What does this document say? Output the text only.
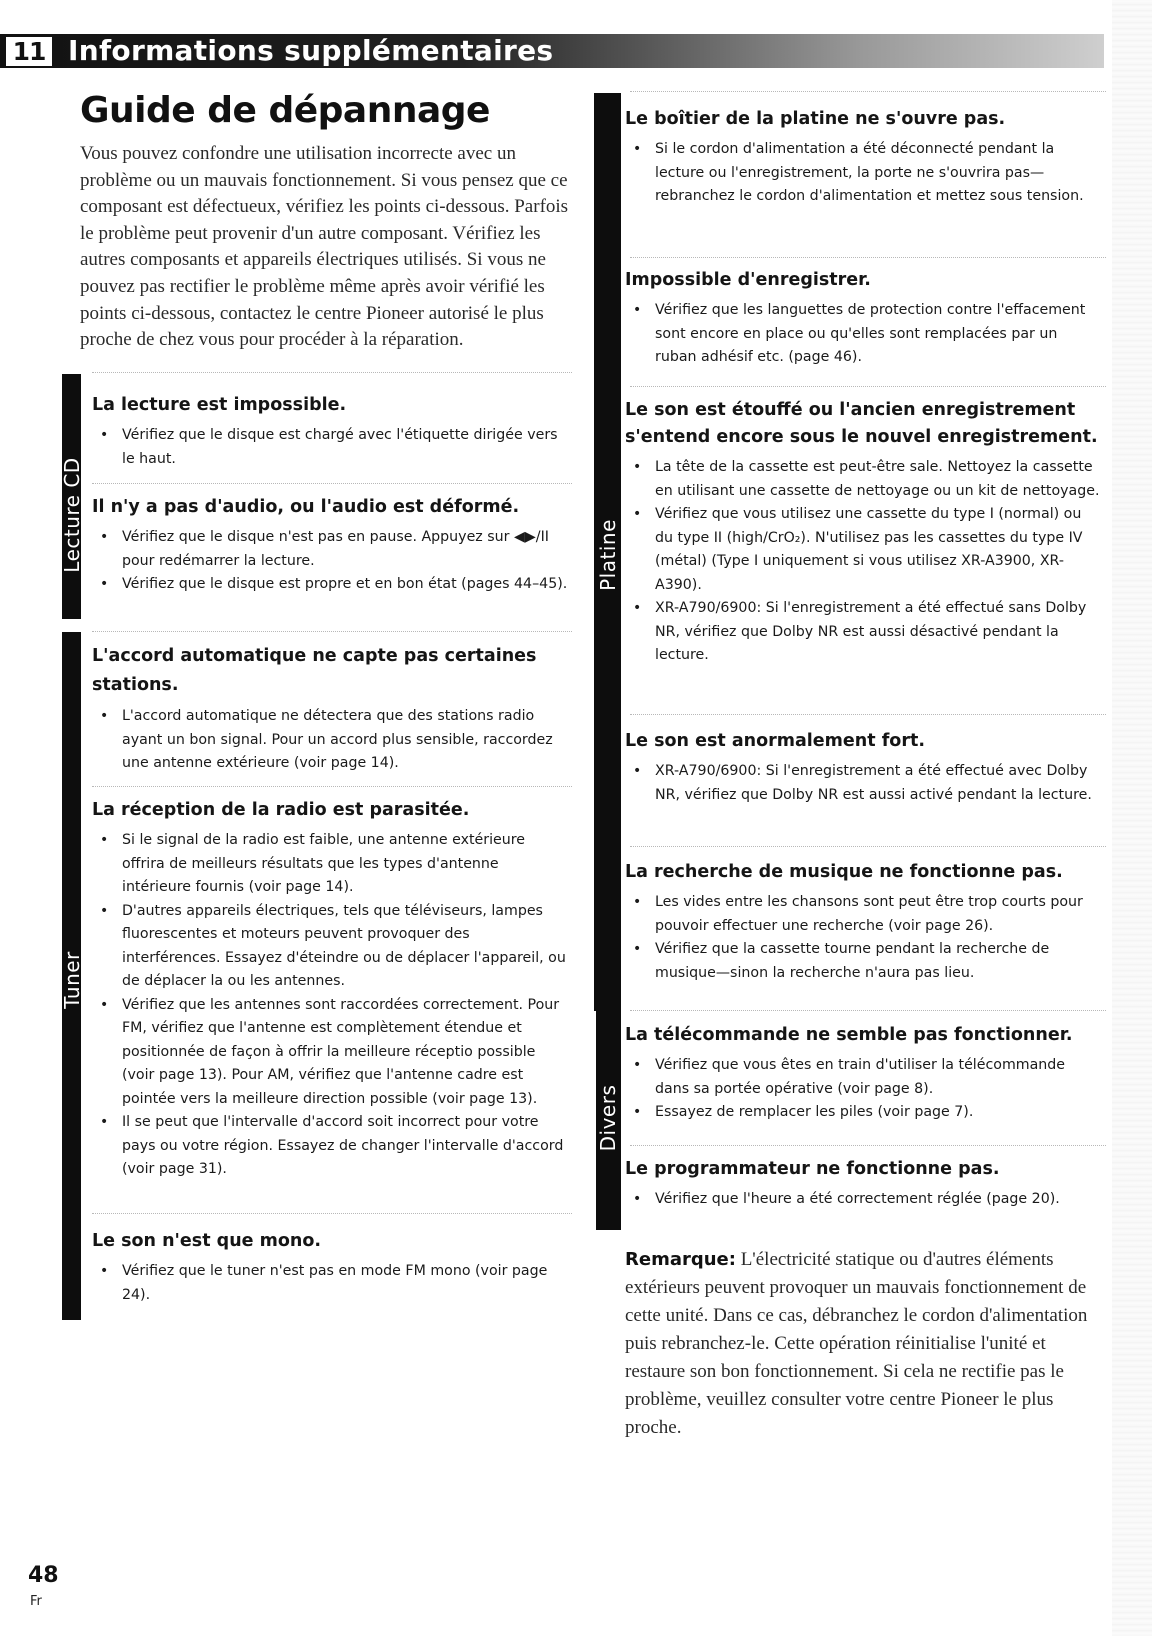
11 Informations supplémentaires
Guide de dépannage

Vous pouvez confondre une utilisation incorrecte avec un problème ou un mauvais fonctionnement. Si vous pensez que ce composant est défectueux, vérifiez les points ci-dessous. Parfois le problème peut provenir d'un autre composant. Vérifiez les autres composants et appareils électriques utilisés. Si vous ne pouvez pas rectifier le problème même après avoir vérifié les points ci-dessous, contactez le centre Pioneer autorisé le plus proche de chez vous pour procéder à la réparation.

Lecture CD
Tuner
Platine
Divers
La lecture est impossible.
• Vérifiez que le disque est chargé avec l'étiquette dirigée vers le haut.
Il n'y a pas d'audio, ou l'audio est déformé.
• Vérifiez que le disque n'est pas en pause. Appuyez sur ◀▶/II pour redémarrer la lecture.
• Vérifiez que le disque est propre et en bon état (pages 44–45).
L'accord automatique ne capte pas certaines stations.
• L'accord automatique ne détectera que des stations radio ayant un bon signal. Pour un accord plus sensible, raccordez une antenne extérieure (voir page 14).
La réception de la radio est parasitée.
• Si le signal de la radio est faible, une antenne extérieure offrira de meilleurs résultats que les types d'antenne intérieure fournis (voir page 14).
• D'autres appareils électriques, tels que téléviseurs, lampes fluorescentes et moteurs peuvent provoquer des interférences. Essayez d'éteindre ou de déplacer l'appareil, ou de déplacer la ou les antennes.
• Vérifiez que les antennes sont raccordées correctement. Pour FM, vérifiez que l'antenne est complètement étendue et positionnée de façon à offrir la meilleure réceptio possible (voir page 13). Pour AM, vérifiez que l'antenne cadre est pointée vers la meilleure direction possible (voir page 13).
• Il se peut que l'intervalle d'accord soit incorrect pour votre pays ou votre région. Essayez de changer l'intervalle d'accord (voir page 31).
Le son n'est que mono.
• Vérifiez que le tuner n'est pas en mode FM mono (voir page 24).
Le boîtier de la platine ne s'ouvre pas.
• Si le cordon d'alimentation a été déconnecté pendant la lecture ou l'enregistrement, la porte ne s'ouvrira pas—rebranchez le cordon d'alimentation et mettez sous tension.
Impossible d'enregistrer.
• Vérifiez que les languettes de protection contre l'effacement sont encore en place ou qu'elles sont remplacées par un ruban adhésif etc. (page 46).
Le son est étouffé ou l'ancien enregistrement s'entend encore sous le nouvel enregistrement.
• La tête de la cassette est peut-être sale. Nettoyez la cassette en utilisant une cassette de nettoyage ou un kit de nettoyage.
• Vérifiez que vous utilisez une cassette du type I (normal) ou du type II (high/CrO₂). N'utilisez pas les cassettes du type IV (métal) (Type I uniquement si vous utilisez XR-A3900, XR-A390).
• XR-A790/6900: Si l'enregistrement a été effectué sans Dolby NR, vérifiez que Dolby NR est aussi désactivé pendant la lecture.
Le son est anormalement fort.
• XR-A790/6900: Si l'enregistrement a été effectué avec Dolby NR, vérifiez que Dolby NR est aussi activé pendant la lecture.
La recherche de musique ne fonctionne pas.
• Les vides entre les chansons sont peut être trop courts pour pouvoir effectuer une recherche (voir page 26).
• Vérifiez que la cassette tourne pendant la recherche de musique—sinon la recherche n'aura pas lieu.
La télécommande ne semble pas fonctionner.
• Vérifiez que vous êtes en train d'utiliser la télécommande dans sa portée opérative (voir page 8).
• Essayez de remplacer les piles (voir page 7).
Le programmateur ne fonctionne pas.
• Vérifiez que l'heure a été correctement réglée (page 20).

Remarque: L'électricité statique ou d'autres éléments extérieurs peuvent provoquer un mauvais fonctionnement de cette unité. Dans ce cas, débranchez le cordon d'alimentation puis rebranchez-le. Cette opération réinitialise l'unité et restaure son bon fonctionnement. Si cela ne rectifie pas le problème, veuillez consulter votre centre Pioneer le plus proche.

48
Fr
